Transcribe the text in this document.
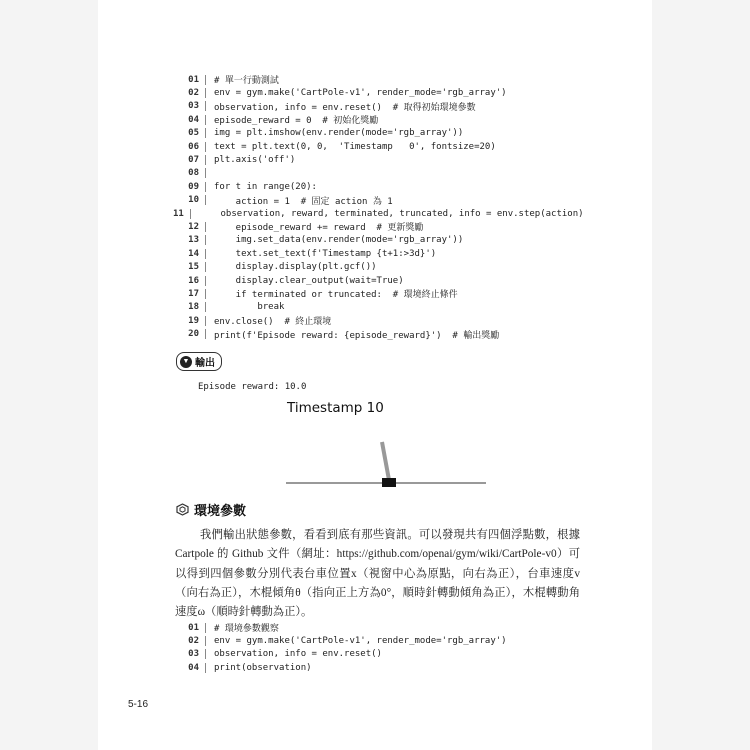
01	# 單一行動測試
02	env = gym.make('CartPole-v1', render_mode='rgb_array')
03	observation, info = env.reset()  # 取得初始環境參數
04	episode_reward = 0  # 初始化獎勵
05	img = plt.imshow(env.render(mode='rgb_array'))
06	text = plt.text(0, 0,  'Timestamp   0', fontsize=20)
07	plt.axis('off')
08
09	for t in range(20):
10	action = 1  # 固定 action 為 1
11	observation, reward, terminated, truncated, info = env.step(action)
12	episode_reward += reward  # 更新獎勵
13	img.set_data(env.render(mode='rgb_array'))
14	text.set_text(f'Timestamp {t+1:>3d}')
15	display.display(plt.gcf())
16	display.clear_output(wait=True)
17	if terminated or truncated:  # 環境終止條件
18	break
19	env.close()  # 終止環境
20	print(f'Episode reward: {episode_reward}')  # 輸出獎勵
▼ 輸出
Episode reward: 10.0
Timestamp 10
環境參數
我們輸出狀態參數，看看到底有那些資訊。可以發現共有四個浮點數，根據 Cartpole 的 Github 文件（網址：https://github.com/openai/gym/wiki/CartPole-v0）可以得到四個參數分別代表台車位置x（視窗中心為原點，向右為正），台車速度v（向右為正），木棍傾角θ（指向正上方為0°，順時針轉動傾角為正），木棍轉動角速度ω（順時針轉動為正）。
01	# 環境參數觀察
02	env = gym.make('CartPole-v1', render_mode='rgb_array')
03	observation, info = env.reset()
04	print(observation)
5-16
